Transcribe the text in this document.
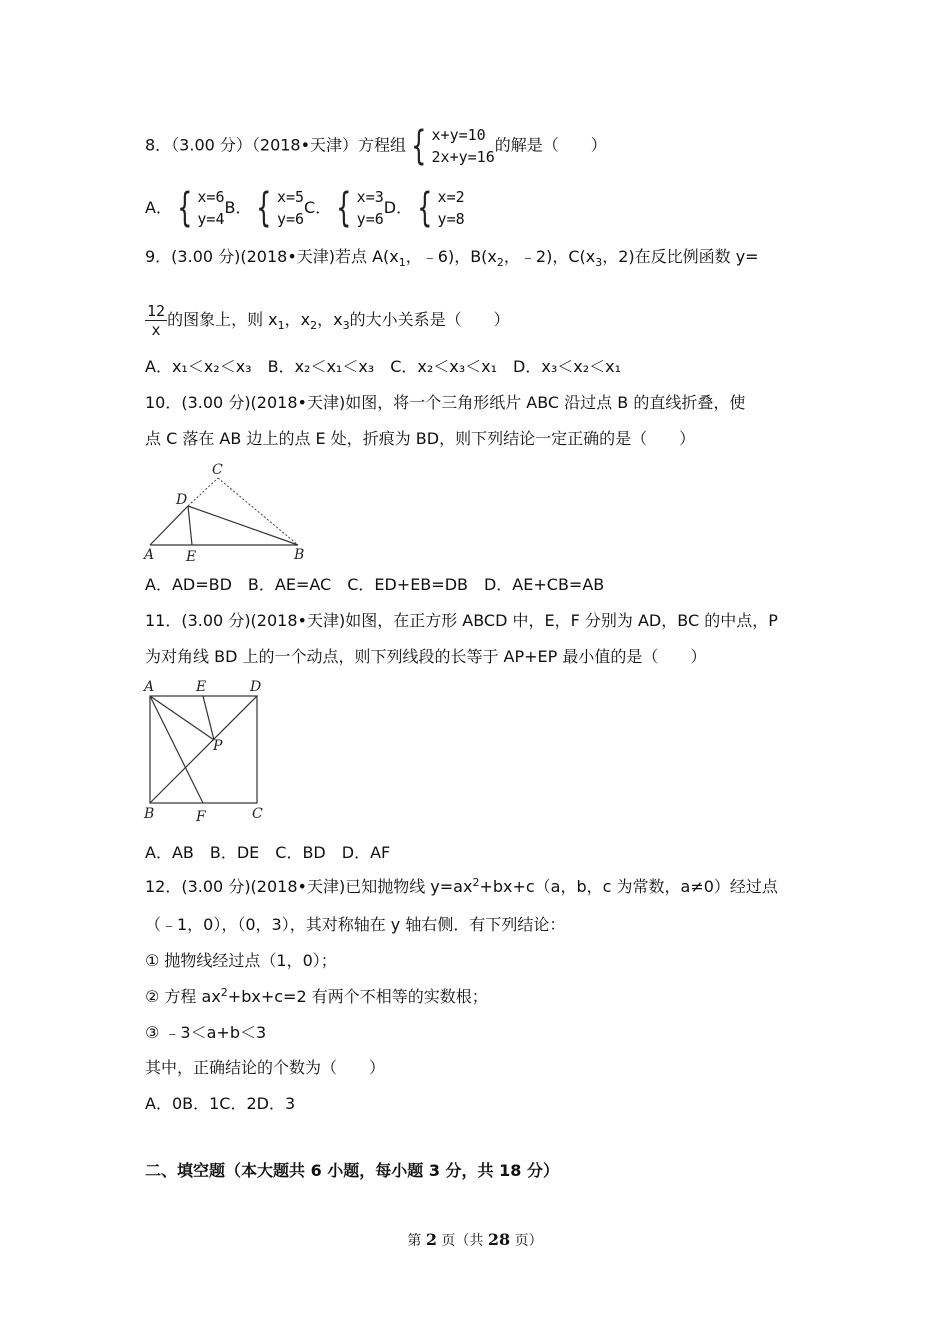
8．（3.00 分）（2018•天津）方程组 { x+y=10
2x+y=16
的解是（　　）
A． { x=6
y=4
B． { x=5
y=6
C． { x=3
y=6
D． { x=2
y=8
9．(3.00 分)(2018•天津)若点 $A(x_1$，﹣6)，$B(x_2$，﹣2)，$C(x_3$，2)在反比例函数 y=
$\frac{12}{x}$ 的图象上，则 $x_1$，$x_2$，$x_3$的大小关系是（　　）
A．x₁＜x₂＜x₃　B．x₂＜x₁＜x₃　C．x₂＜x₃＜x₁　D．x₃＜x₂＜x₁
10．(3.00 分)(2018•天津)如图，将一个三角形纸片 ABC 沿过点 B 的直线折叠，使
点 C 落在 AB 边上的点 E 处，折痕为 BD，则下列结论一定正确的是（　　）
A E	B
D
C
A．AD=BD　B．AE=AC　C．ED+EB=DB　D．AE+CB=AB
11．(3.00 分)(2018•天津)如图，在正方形 ABCD 中，E，F 分别为 AD，BC 的中点，P
为对角线 BD 上的一个动点，则下列线段的长等于 AP+EP 最小值的是（　　）
A	E	D
P
B	F	C
A．AB　B．DE　C．BD　D．AF
12．(3.00 分)(2018•天津)已知抛物线 $y=ax^2+bx+c(a$，b，c 为常数，a≠0）经过点
（﹣1，0），（0，3），其对称轴在 y 轴右侧．有下列结论：
① 抛物线经过点（1，0）；
② 方程 $ax^2+bx+c=2$ 有两个不相等的实数根；
③ ﹣3＜a+b＜3
其中，正确结论的个数为（　　）
A．0B．1C．2D．3
二、填空题（本大题共 6 小题，每小题 3 分，共 18 分）
第 2 页（共 28 页）
